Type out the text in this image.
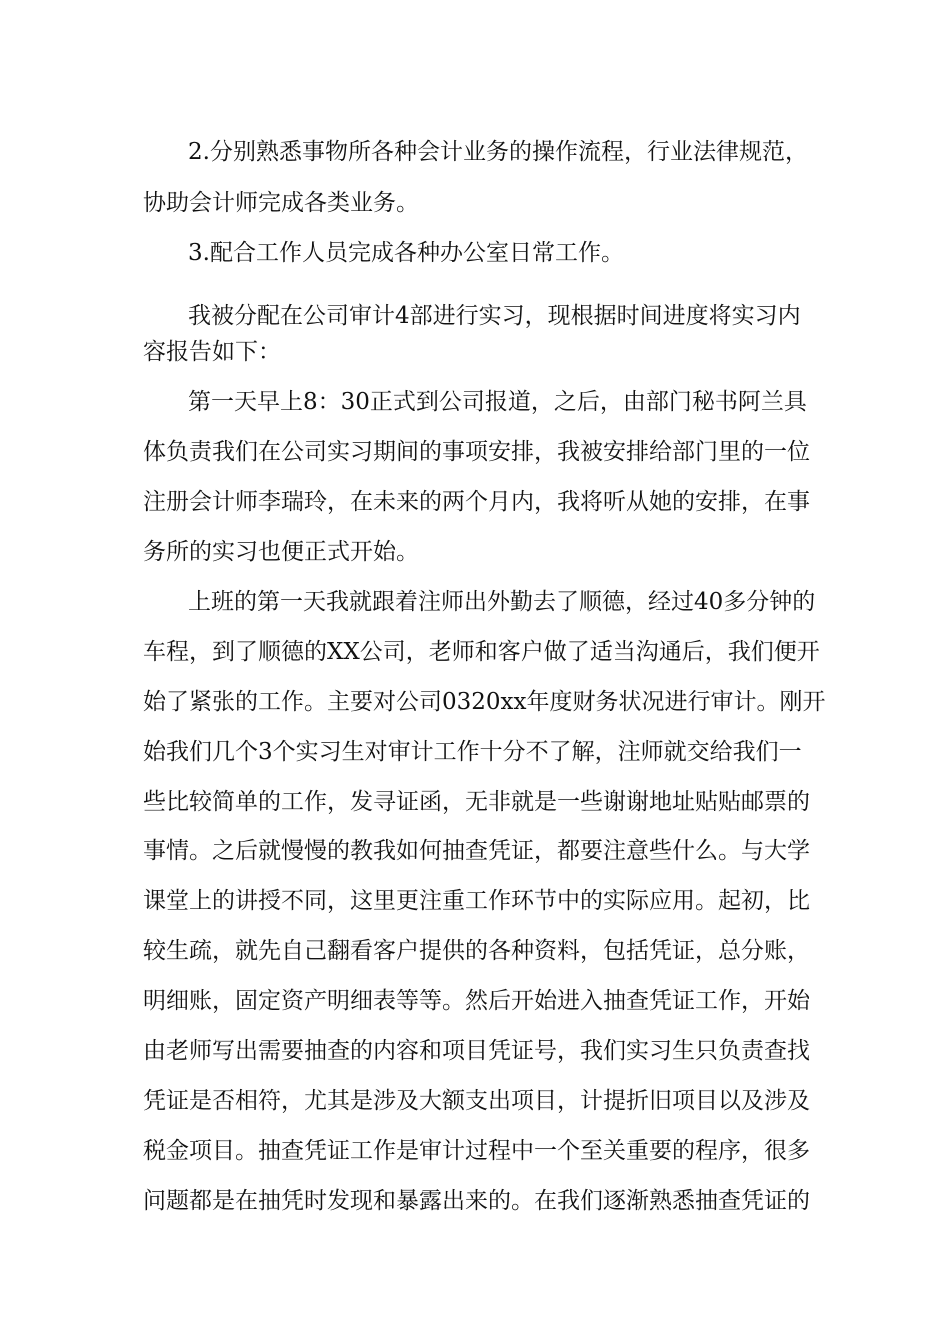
2.分别熟悉事物所各种会计业务的操作流程，行业法律规范，
协助会计师完成各类业务。
3.配合工作人员完成各种办公室日常工作。
我被分配在公司审计4部进行实习，现根据时间进度将实习内
容报告如下：
第一天早上8：30正式到公司报道，之后，由部门秘书阿兰具
体负责我们在公司实习期间的事项安排，我被安排给部门里的一位
注册会计师李瑞玲，在未来的两个月内，我将听从她的安排，在事
务所的实习也便正式开始。
上班的第一天我就跟着注师出外勤去了顺德，经过40多分钟的
车程，到了顺德的XX公司，老师和客户做了适当沟通后，我们便开
始了紧张的工作。主要对公司0320xx年度财务状况进行审计。刚开
始我们几个3个实习生对审计工作十分不了解，注师就交给我们一
些比较简单的工作，发寻证函，无非就是一些谢谢地址贴贴邮票的
事情。之后就慢慢的教我如何抽查凭证，都要注意些什么。与大学
课堂上的讲授不同，这里更注重工作环节中的实际应用。起初，比
较生疏，就先自己翻看客户提供的各种资料，包括凭证，总分账，
明细账，固定资产明细表等等。然后开始进入抽查凭证工作，开始
由老师写出需要抽查的内容和项目凭证号，我们实习生只负责查找
凭证是否相符，尤其是涉及大额支出项目，计提折旧项目以及涉及
税金项目。抽查凭证工作是审计过程中一个至关重要的程序，很多
问题都是在抽凭时发现和暴露出来的。在我们逐渐熟悉抽查凭证的
